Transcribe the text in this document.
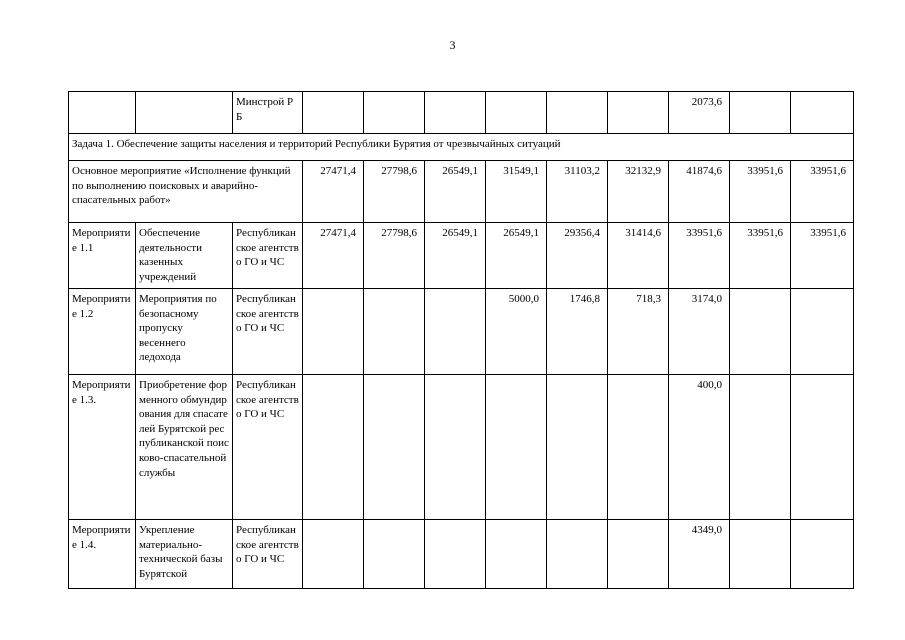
3
		Минстрой РБ							2073,6		
Задача 1. Обеспечение защиты населения и территорий Республики Бурятия от чрезвычайных ситуаций											
Основное мероприятие «Исполнение функций по выполнению поисковых и аварийно-спасательных работ»			27471,4	27798,6	26549,1	31549,1	31103,2	32132,9	41874,6	33951,6	33951,6
Мероприятие 1.1	Обеспечение деятельности казенных учреждений	Республиканское агентство ГО и ЧС	27471,4	27798,6	26549,1	26549,1	29356,4	31414,6	33951,6	33951,6	33951,6
Мероприятие 1.2	Мероприятия по безопасному пропуску весеннего ледохода	Республиканское агентство ГО и ЧС				5000,0	1746,8	718,3	3174,0		
Мероприятие 1.3.	Приобретение форменного обмундирования для спасателей Бурятской республиканской поисково-спасательной службы	Республиканское агентство ГО и ЧС							400,0		
Мероприятие 1.4.	Укрепление материально-технической базы Бурятской	Республиканское агентство ГО и ЧС							4349,0		
